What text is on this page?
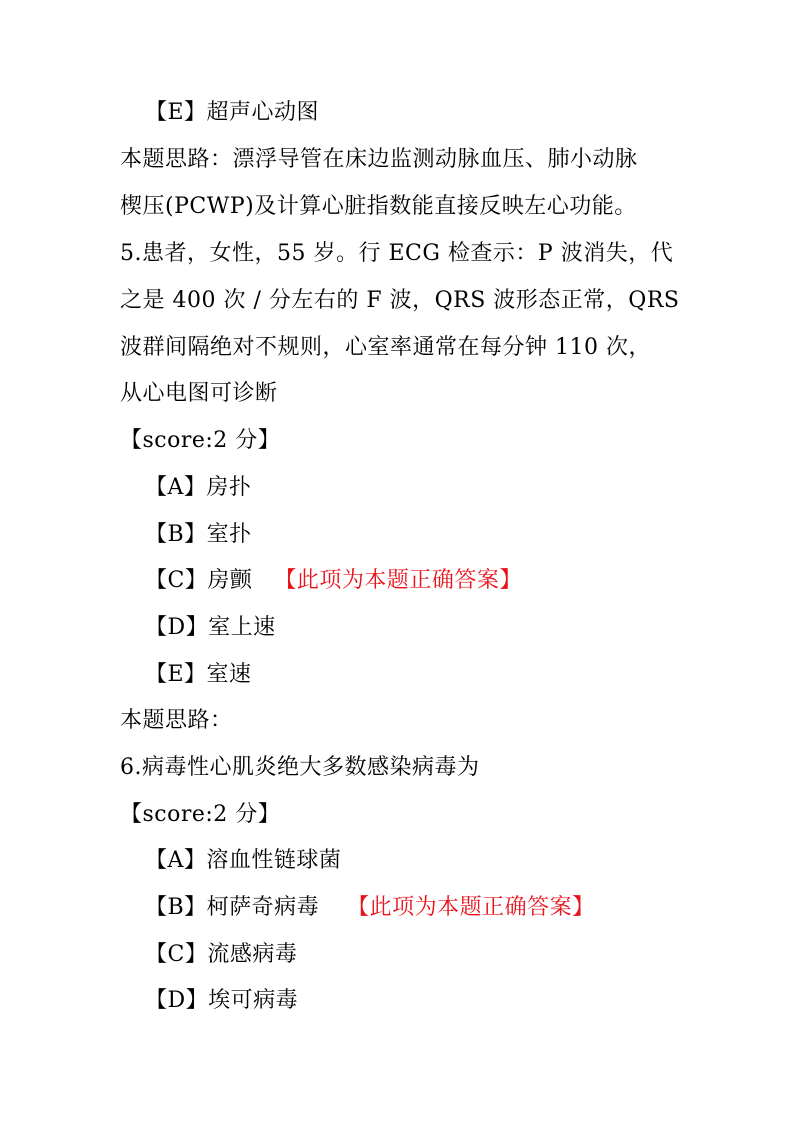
【E】超声心动图
本题思路：漂浮导管在床边监测动脉血压、肺小动脉
楔压(PCWP)及计算心脏指数能直接反映左心功能。
5.患者，女性，55 岁。行 ECG 检查示：P 波消失，代
之是 400 次 / 分左右的 F 波，QRS 波形态正常，QRS
波群间隔绝对不规则，心室率通常在每分钟 110 次，
从心电图可诊断
【score:2 分】
【A】房扑
【B】室扑
【C】房颤 【此项为本题正确答案】
【D】室上速
【E】室速
本题思路：
6.病毒性心肌炎绝大多数感染病毒为
【score:2 分】
【A】溶血性链球菌
【B】柯萨奇病毒 【此项为本题正确答案】
【C】流感病毒
【D】埃可病毒
